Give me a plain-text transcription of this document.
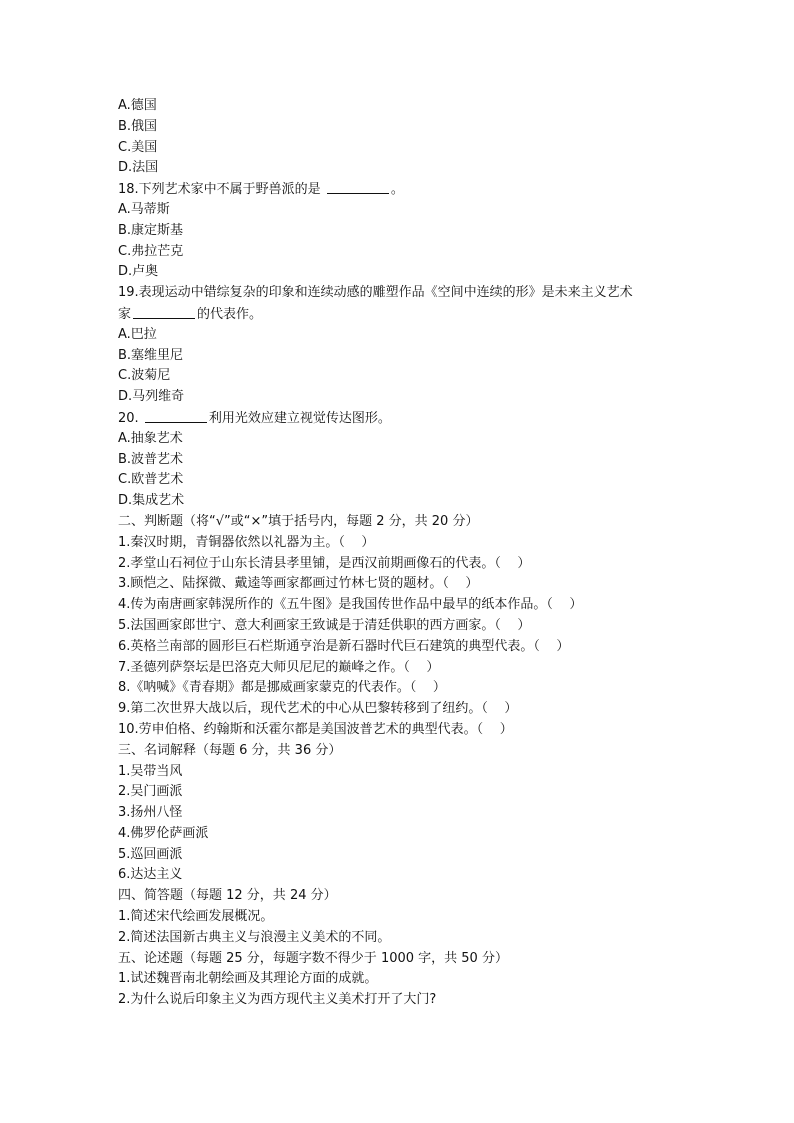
A.德国
B.俄国
C.美国
D.法国
18.下列艺术家中不属于野兽派的是	。
A.马蒂斯
B.康定斯基
C.弗拉芒克
D.卢奥
19.表现运动中错综复杂的印象和连续动感的雕塑作品《空间中连续的形》是未来主义艺术
家	的代表作。
A.巴拉
B.塞维里尼
C.波菊尼
D.马列维奇
20.	利用光效应建立视觉传达图形。
A.抽象艺术
B.波普艺术
C.欧普艺术
D.集成艺术
二、判断题（将“√”或“×”填于括号内，每题 2 分，共 20 分）
1.秦汉时期，青铜器依然以礼器为主。（    ）
2.孝堂山石祠位于山东长清县孝里铺，是西汉前期画像石的代表。（    ）
3.顾恺之、陆探微、戴逵等画家都画过竹林七贤的题材。（    ）
4.传为南唐画家韩滉所作的《五牛图》是我国传世作品中最早的纸本作品。（    ）
5.法国画家郎世宁、意大利画家王致诚是于清廷供职的西方画家。（    ）
6.英格兰南部的圆形巨石栏斯通亨治是新石器时代巨石建筑的典型代表。（    ）
7.圣德列萨祭坛是巴洛克大师贝尼尼的巅峰之作。（    ）
8.《呐喊》《青春期》都是挪威画家蒙克的代表作。（    ）
9.第二次世界大战以后，现代艺术的中心从巴黎转移到了纽约。（    ）
10.劳申伯格、约翰斯和沃霍尔都是美国波普艺术的典型代表。（    ）
三、名词解释（每题 6 分，共 36 分）
1.吴带当风
2.吴门画派
3.扬州八怪
4.佛罗伦萨画派
5.巡回画派
6.达达主义
四、简答题（每题 12 分，共 24 分）
1.简述宋代绘画发展概况。
2.简述法国新古典主义与浪漫主义美术的不同。
五、论述题（每题 25 分，每题字数不得少于 1000 字，共 50 分）
1.试述魏晋南北朝绘画及其理论方面的成就。
2.为什么说后印象主义为西方现代主义美术打开了大门?
